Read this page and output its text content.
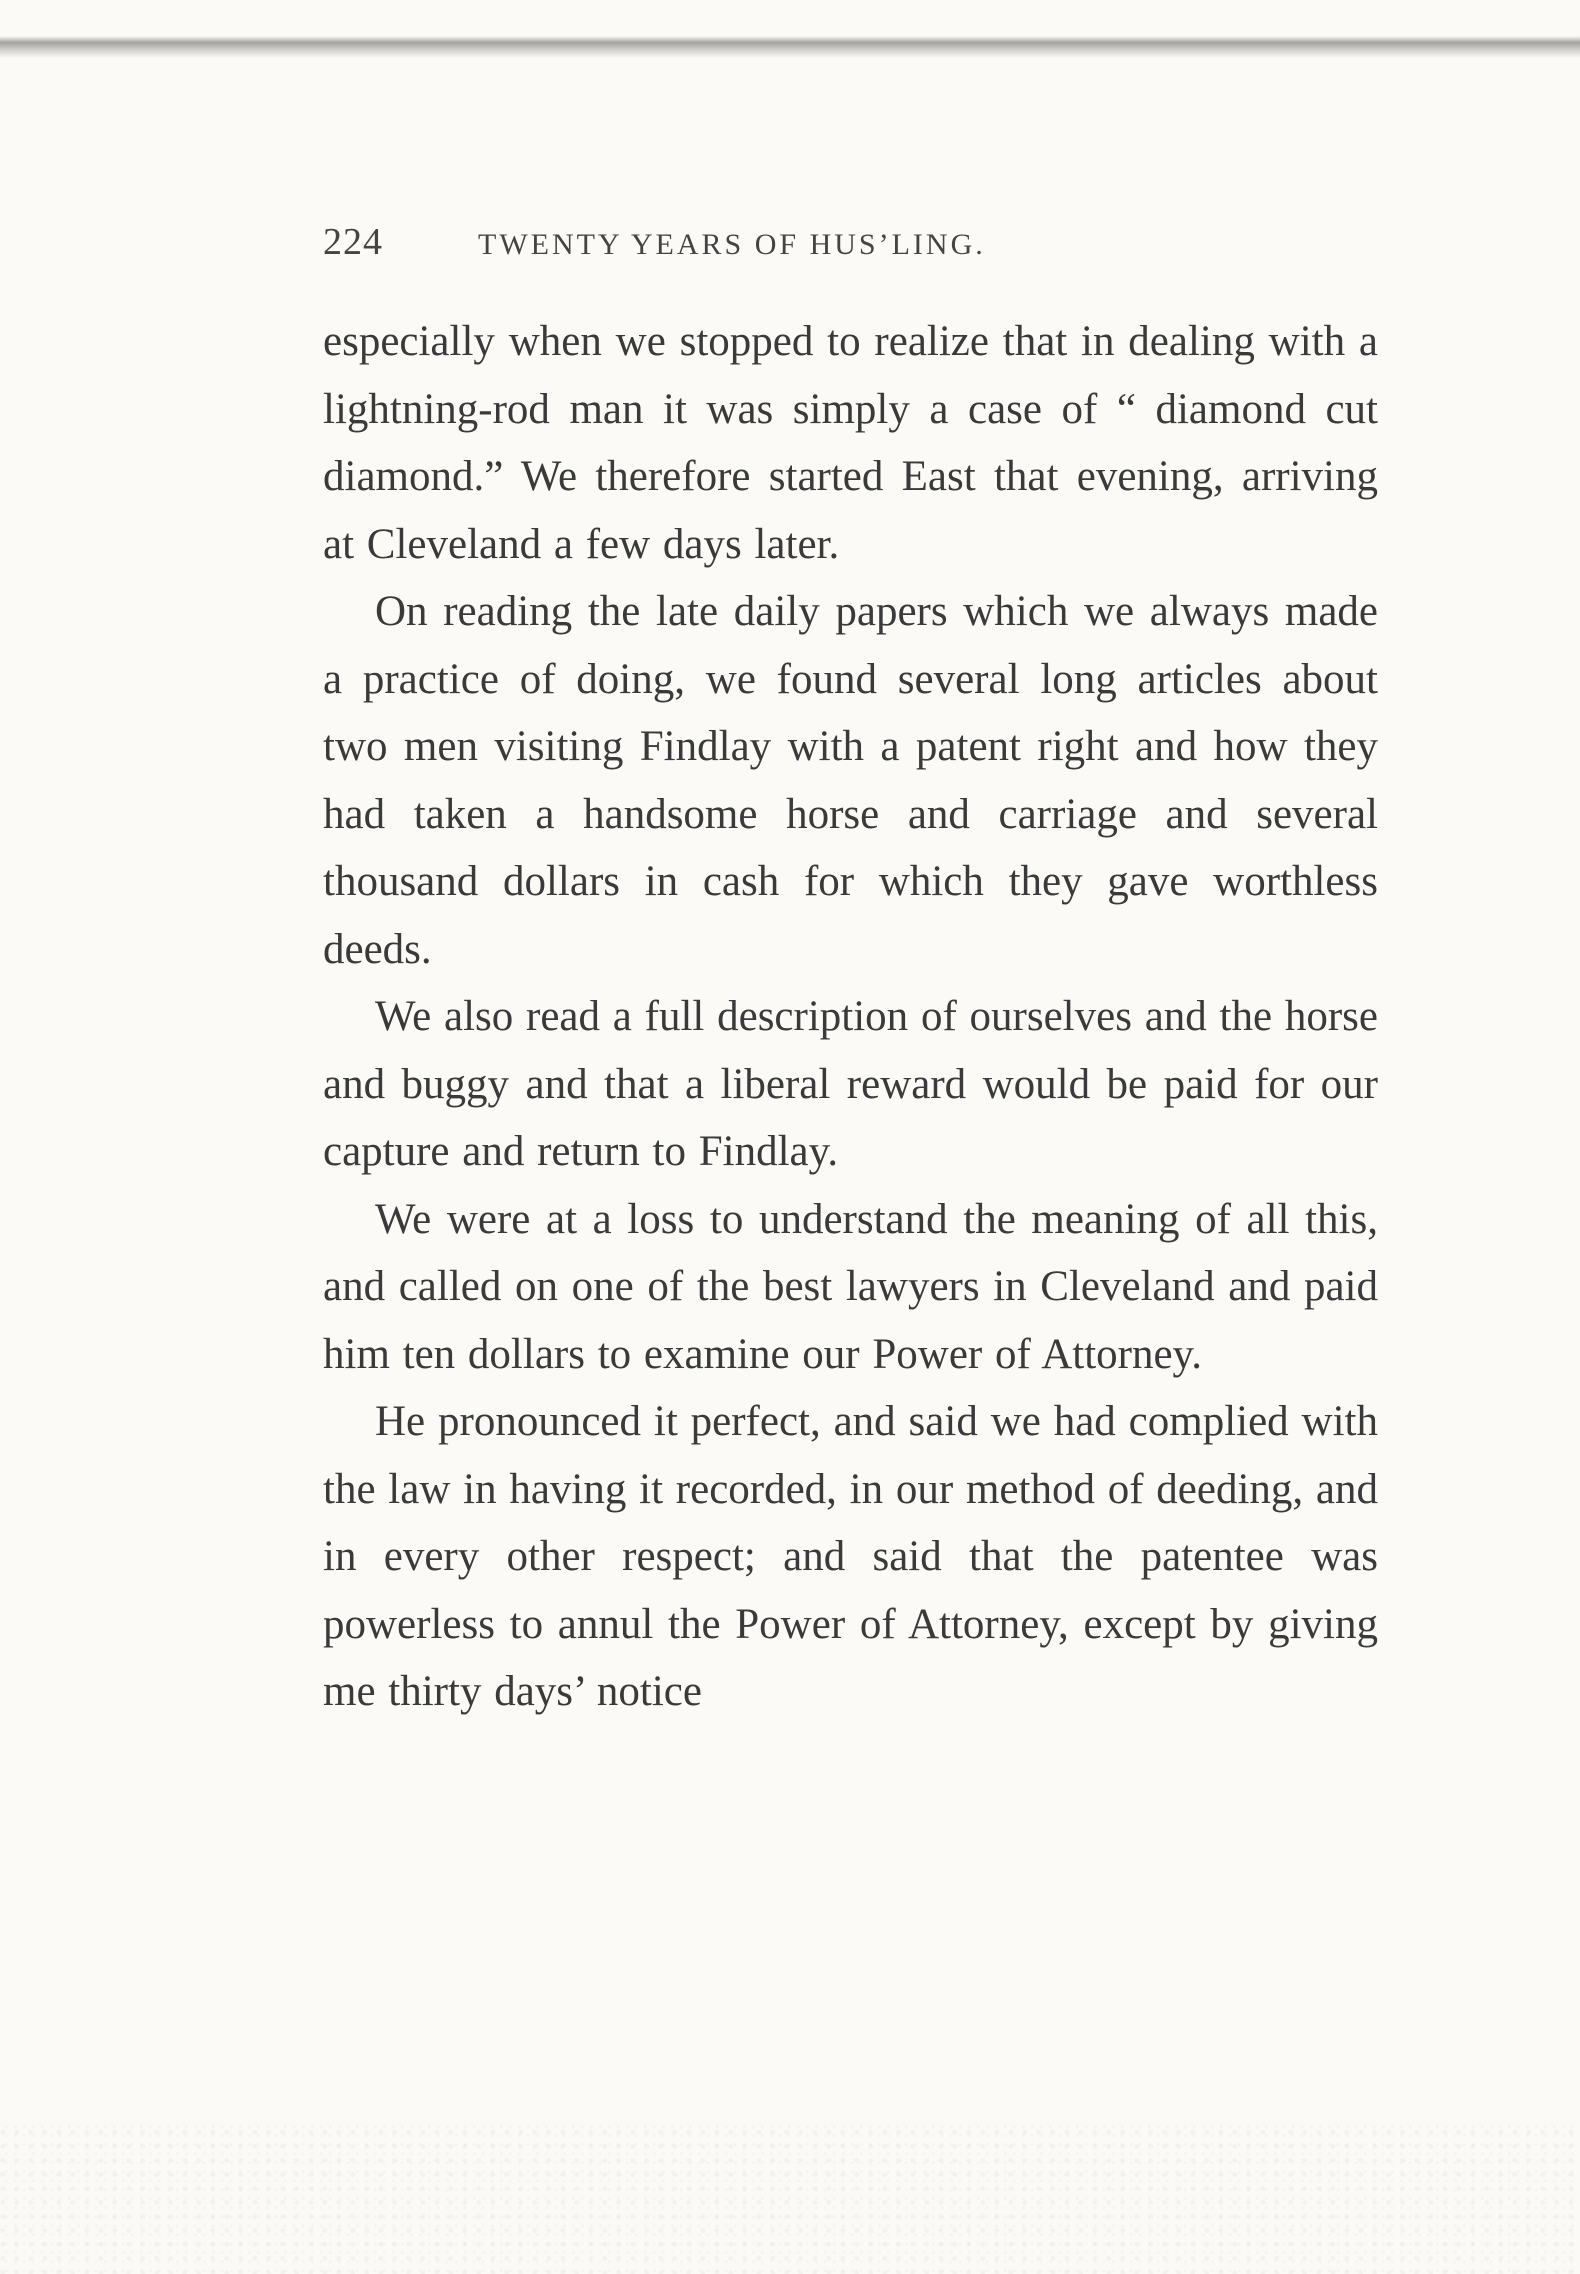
224	TWENTY YEARS OF HUS’LING.

especially when we stopped to realize that in dealing with a lightning-rod man it was simply a case of “ diamond cut diamond.” We therefore started East that evening, arriving at Cleveland a few days later.

On reading the late daily papers which we always made a practice of doing, we found several long articles about two men visiting Findlay with a patent right and how they had taken a handsome horse and carriage and several thousand dollars in cash for which they gave worthless deeds.

We also read a full description of ourselves and the horse and buggy and that a liberal reward would be paid for our capture and return to Findlay.

We were at a loss to understand the meaning of all this, and called on one of the best lawyers in Cleveland and paid him ten dollars to examine our Power of Attorney.

He pronounced it perfect, and said we had complied with the law in having it recorded, in our method of deeding, and in every other respect; and said that the patentee was powerless to annul the Power of Attorney, except by giving me thirty days’ notice
